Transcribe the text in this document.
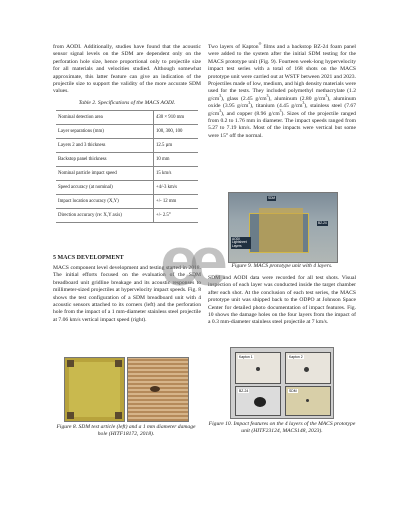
from AODI. Additionally, studies have found that the acoustic sensor signal levels on the SDM are dependent only on the perforation hole size, hence proportional only to projectile size for all materials and velocities studied. Although somewhat approximate, this latter feature can give an indication of the projectile size to support the validity of the more accurate SDM values.

Table 2. Specifications of the MACS AODI.

Nominal detection area	430 × 910 mm
Layer separations (mm)	100, 300, 100
Layers 2 and 3 thickness	12.5 µm
Backstop panel thickness	10 mm
Nominal particle impact speed	15 km/s
Speed accuracy (at nominal)	+4/-3 km/s
Impact location accuracy (X,Y)	+/- 12 mm
Direction accuracy (re: X,Y axis)	+/- 2.5°

5 MACS DEVELOPMENT

MACS component level development and testing started in 2018. The initial efforts focused on the evaluation of the SDM breadboard unit gridline breakage and its acoustic responses to millimeter-sized projectiles at hypervelocity impact speeds. Fig. 8 shows the test configuration of a SDM breadboard unit with 4 acoustic sensors attached to its corners (left) and the perforation hole from the impact of a 1 mm-diameter stainless steel projectile at 7.06 km/s vertical impact speed (right).

Figure 8. SDM test article (left) and a 1 mm diameter damage hole (HITF18172, 2018).

Two layers of Kapton® films and a backstop BZ-24 foam panel were added to the system after the initial SDM testing for the MACS prototype unit (Fig. 9). Fourteen week-long hypervelocity impact test series with a total of 168 shots on the MACS prototype unit were carried out at WSTF between 2021 and 2023. Projectiles made of low, medium, and high density materials were used for the tests. They included polymethyl methacrylate (1.2 $g/cm^3$), glass (2.45 $g/cm^3$), aluminum (2.80 $g/cm^3$), aluminum oxide (3.95 $g/cm^3$), titanium (4.45 $g/cm^3$), stainless steel (7.67 $g/cm^3$), and copper (8.96 $g/cm^3$). Sizes of the projectile ranged from 0.2 to 1.76 mm in diameter. The impact speeds ranged from 5.27 to 7.19 km/s. Most of the impacts were vertical but some were 15° off the normal.

AODI Lightsheet Layers
SDM
BZ-24

Figure 9. MACS prototype unit with 4 layers.

SDM and AODI data were recorded for all test shots. Visual inspection of each layer was conducted inside the target chamber after each shot. At the conclusion of each test series, the MACS prototype unit was shipped back to the ODPO at Johnson Space Center for detailed photo documentation of impact features. Fig. 10 shows the damage holes on the four layers from the impact of a 0.3 mm-diameter stainless steel projectile at 7 km/s.

Kapton 1	Kapton 2
BZ-24	SDM

Figure 10. Impact features on the 4 layers of the MACS prototype unit (HITF23124, MACS148, 2023).

ee
